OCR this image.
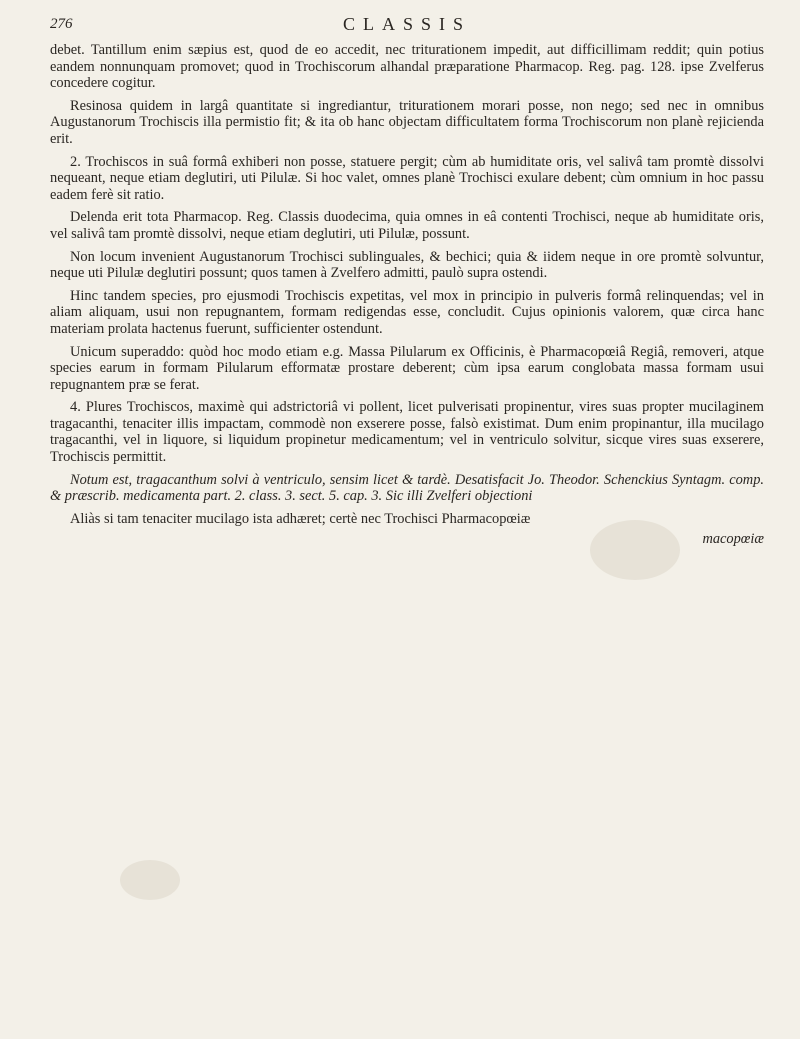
276	CLASSIS

debet. Tantillum enim sæpius est, quod de eo accedit, nec triturationem impedit, aut difficillimam reddit; quin potius eandem nonnunquam promovet; quod in Trochiscorum alhandal præparatione Pharmacop. Reg. pag. 128. ipse Zvelferus concedere cogitur.

Resinosa quidem in largâ quantitate si ingrediantur, triturationem morari posse, non nego; sed nec in omnibus Augustanorum Trochiscis illa permistio fit; & ita ob hanc objectam difficultatem forma Trochiscorum non planè rejicienda erit.

2. Trochiscos in suâ formâ exhiberi non posse, statuere pergit; cùm ab humiditate oris, vel salivâ tam promtè dissolvi nequeant, neque etiam deglutiri, uti Pilulæ. Si hoc valet, omnes planè Trochisci exulare debent; cùm omnium in hoc passu eadem ferè sit ratio.

Delenda erit tota Pharmacop. Reg. Classis duodecima, quia omnes in eâ contenti Trochisci, neque ab humiditate oris, vel salivâ tam promtè dissolvi, neque etiam deglutiri, uti Pilulæ, possunt.

Non locum invenient Augustanorum Trochisci sublinguales, & bechici; quia & iidem neque in ore promtè solvuntur, neque uti Pilulæ deglutiri possunt; quos tamen à Zvelfero admitti, paulò supra ostendi.

Hinc tandem species, pro ejusmodi Trochiscis expetitas, vel mox in principio in pulveris formâ relinquendas; vel in aliam aliquam, usui non repugnantem, formam redigendas esse, concludit. Cujus opinionis valorem, quæ circa hanc materiam prolata hactenus fuerunt, sufficienter ostendunt.

Unicum superaddo: quòd hoc modo etiam e.g. Massa Pilularum ex Officinis, è Pharmacopœiâ Regiâ, removeri, atque species earum in formam Pilularum efformatæ prostare deberent; cùm ipsa earum conglobata massa formam usui repugnantem præ se ferat.

4. Plures Trochiscos, maximè qui adstrictoriâ vi pollent, licet pulverisati propinentur, vires suas propter mucilaginem tragacanthi, tenaciter illis impactam, commodè non exserere posse, falsò existimat. Dum enim propinantur, illa mucilago tragacanthi, vel in liquore, si liquidum propinetur medicamentum; vel in ventriculo solvitur, sicque vires suas exserere, Trochiscis permittit.

Notum est, tragacanthum solvi à ventriculo, sensim licet & tardè. Desatisfacit Jo. Theodor. Schenckius Syntagm. comp. & præscrib. medicamenta part. 2. class. 3. sect. 5. cap. 3. Sic illi Zvelferi objectioni

Aliàs si tam tenaciter mucilago ista adhæret; certè nec Trochisci Pharmacopœiæ

macopœiæ
